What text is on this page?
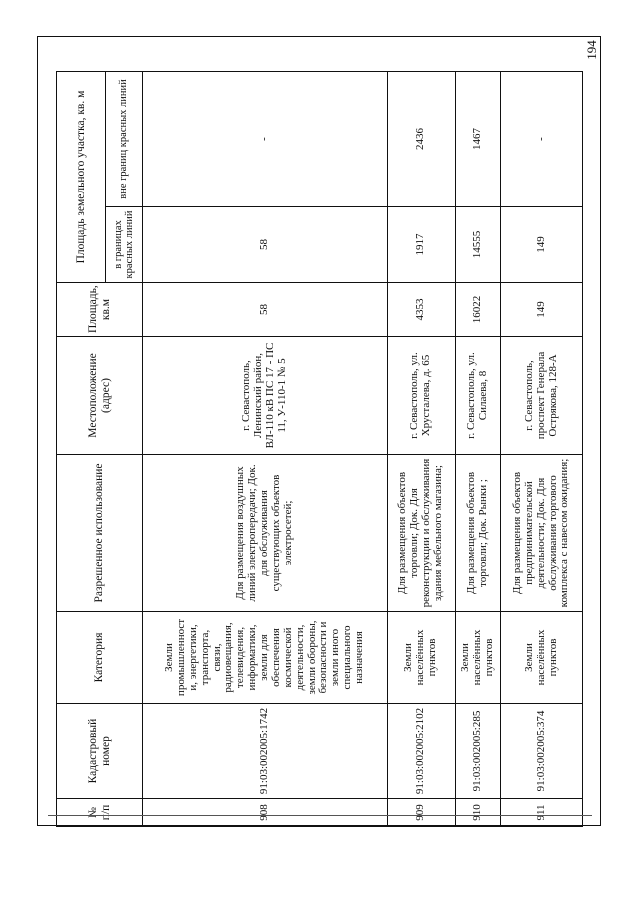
№ п/п	Кадастровый номер	Категория	Разрешенное использование	Местоположение (адрес)	Площадь, кв.м	Площадь земельного участка, кв. м	
						в границах красных линий	вне границ красных линий
908	91:03:002005:1742	Земли промышленност и, энергетики, транспорта, связи, радиовещания, телевидения, информатики, земли для обеспечения космической деятельности, земли обороны, безопасности и земли иного специального назначения	Для размещения воздушных линий электропередачи; Док. для обслуживания существующих объектов электросетей;	г. Севастополь, Ленинский район, ВЛ-110 кВ ПС 17 - ПС 11, У-110-1 № 5	58	58	-
909	91:03:002005:2102	Земли населённых пунктов	Для размещения объектов торговли; Док. Для реконструкции и обслуживания здания мебельного магазина;	г. Севастополь, ул. Хрусталева, д. 65	4353	1917	2436
910	91:03:002005:285	Земли населённых пунктов	Для размещения объектов торговли; Док. Рынки ;	г. Севастополь, ул. Силаева, 8	16022	14555	1467
911	91:03:002005:374	Земли населённых пунктов	Для размещения объектов предпринимательской деятельности; Док. Для обслуживания торгового комплекса с навесом ожидания;	г. Севастополь, проспект Генерала Острякова, 128-А	149	149	-
194
